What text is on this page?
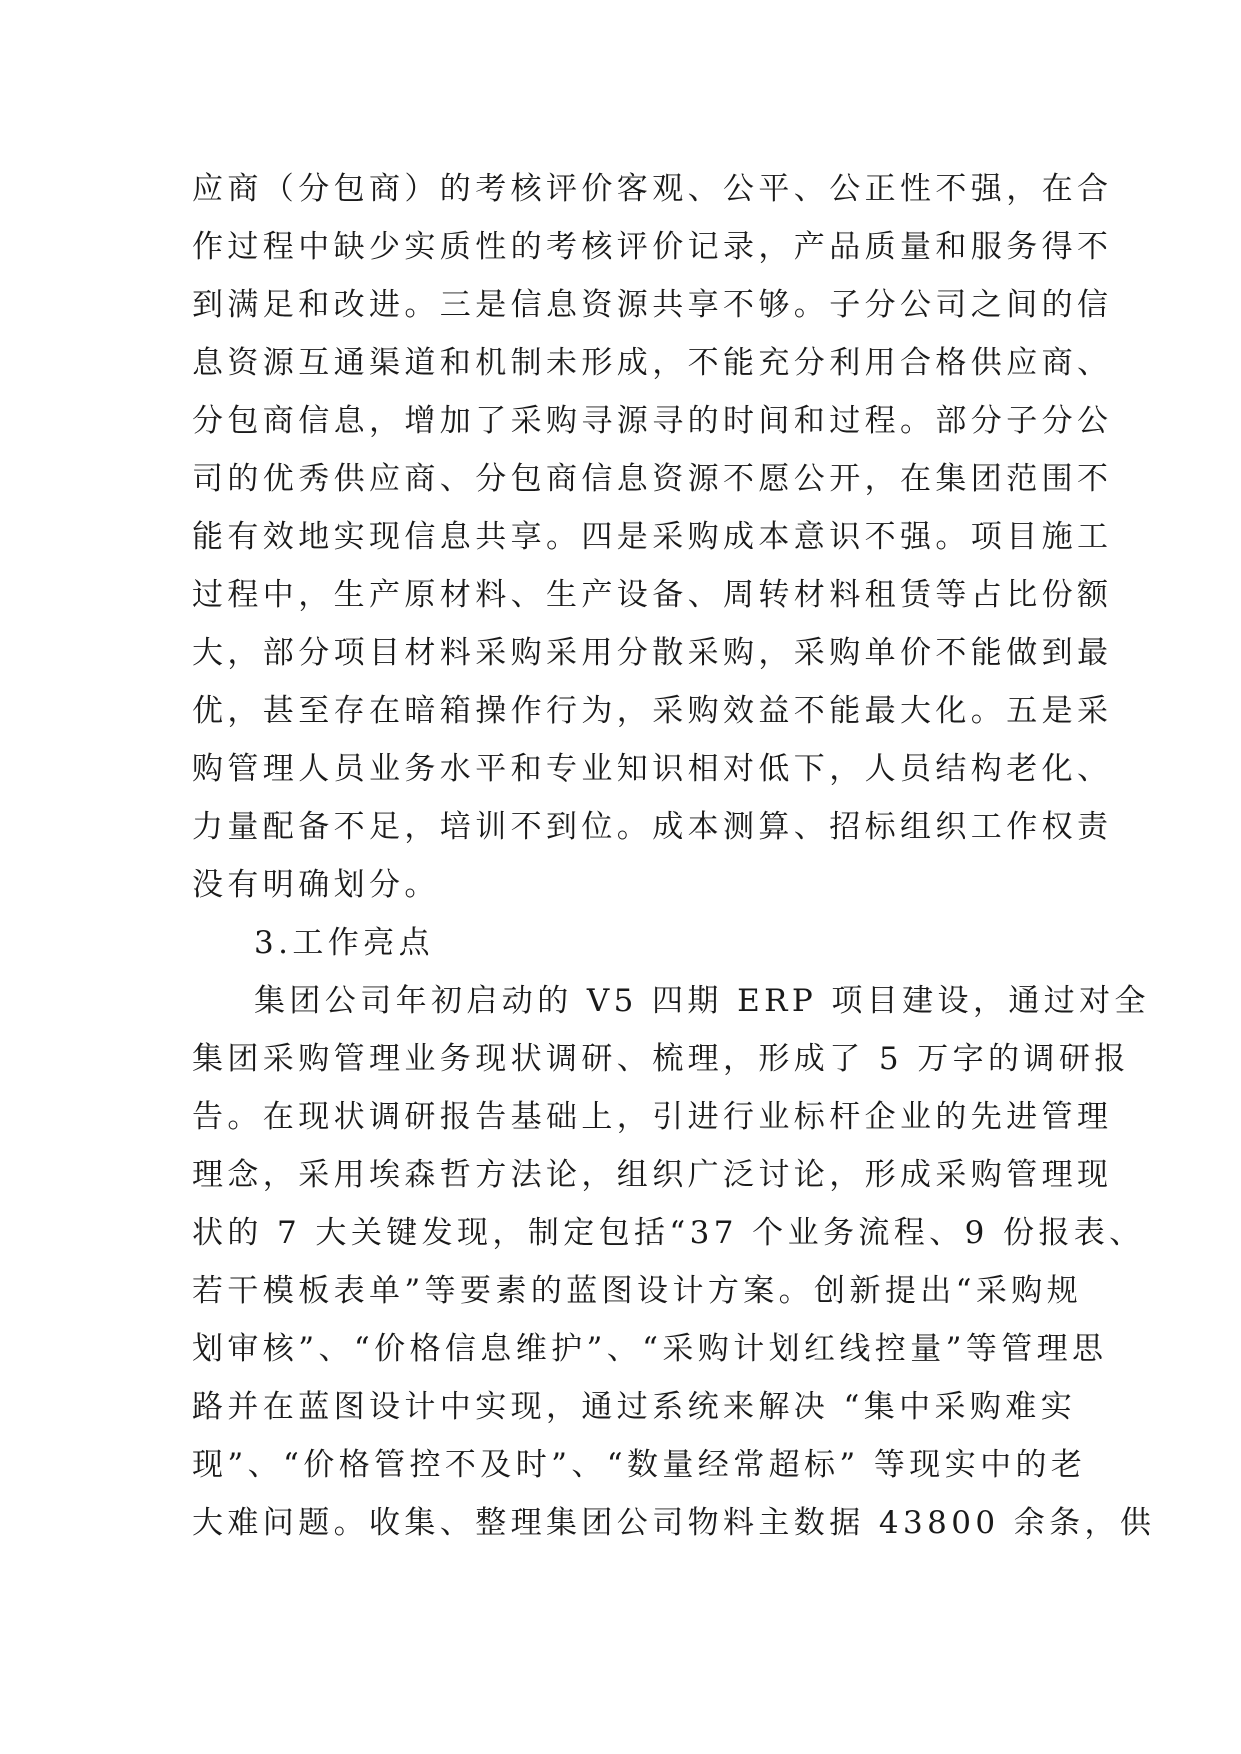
应商（分包商）的考核评价客观、公平、公正性不强，在合
作过程中缺少实质性的考核评价记录，产品质量和服务得不
到满足和改进。三是信息资源共享不够。子分公司之间的信
息资源互通渠道和机制未形成，不能充分利用合格供应商、
分包商信息，增加了采购寻源寻的时间和过程。部分子分公
司的优秀供应商、分包商信息资源不愿公开，在集团范围不
能有效地实现信息共享。四是采购成本意识不强。项目施工
过程中，生产原材料、生产设备、周转材料租赁等占比份额
大，部分项目材料采购采用分散采购，采购单价不能做到最
优，甚至存在暗箱操作行为，采购效益不能最大化。五是采
购管理人员业务水平和专业知识相对低下，人员结构老化、
力量配备不足，培训不到位。成本测算、招标组织工作权责
没有明确划分。
3.工作亮点
集团公司年初启动的 V5 四期 ERP 项目建设，通过对全
集团采购管理业务现状调研、梳理，形成了 5 万字的调研报
告。在现状调研报告基础上，引进行业标杆企业的先进管理
理念，采用埃森哲方法论，组织广泛讨论，形成采购管理现
状的 7 大关键发现，制定包括“37 个业务流程、9 份报表、
若干模板表单”等要素的蓝图设计方案。创新提出“采购规
划审核”、“价格信息维护”、“采购计划红线控量”等管理思
路并在蓝图设计中实现，通过系统来解决 “集中采购难实
现”、“价格管控不及时”、“数量经常超标” 等现实中的老
大难问题。收集、整理集团公司物料主数据 43800 余条，供
